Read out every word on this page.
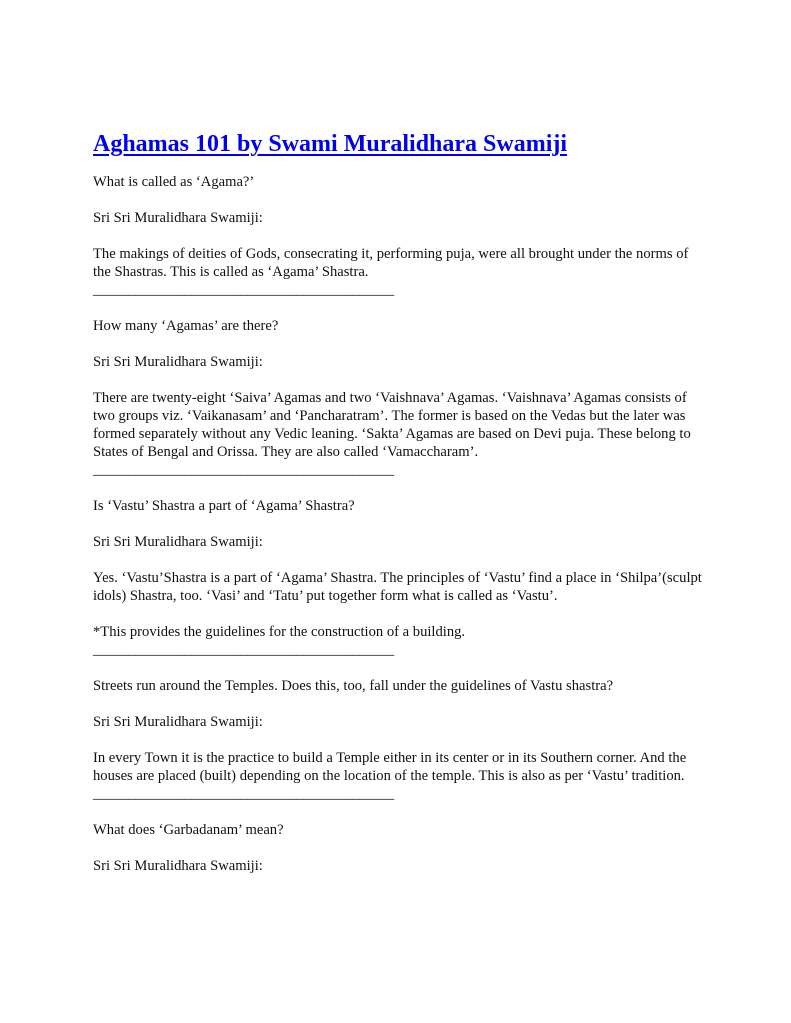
Aghamas 101 by Swami Muralidhara Swamiji

What is called as ‘Agama?’

Sri Sri Muralidhara Swamiji:

The makings of deities of Gods, consecrating it, performing puja, were all brought under the norms of the Shastras. This is called as ‘Agama’ Shastra.

___________________________________________

How many ‘Agamas’ are there?

Sri Sri Muralidhara Swamiji:

There are twenty-eight ‘Saiva’ Agamas and two ‘Vaishnava’ Agamas. ‘Vaishnava’ Agamas consists of two groups viz. ‘Vaikanasam’ and ‘Pancharatram’. The former is based on the Vedas but the later was formed separately without any Vedic leaning. ‘Sakta’ Agamas are based on Devi puja. These belong to States of Bengal and Orissa. They are also called ‘Vamaccharam’.

___________________________________________

Is ‘Vastu’ Shastra a part of ‘Agama’ Shastra?

Sri Sri Muralidhara Swamiji:

Yes. ‘Vastu’Shastra is a part of ‘Agama’ Shastra. The principles of ‘Vastu’ find a place in ‘Shilpa’(sculpt idols) Shastra, too. ‘Vasi’ and ‘Tatu’ put together form what is called as ‘Vastu’.

*This provides the guidelines for the construction of a building.

___________________________________________

Streets run around the Temples. Does this, too, fall under the guidelines of Vastu shastra?

Sri Sri Muralidhara Swamiji:

In every Town it is the practice to build a Temple either in its center or in its Southern corner. And the houses are placed (built) depending on the location of the temple. This is also as per ‘Vastu’ tradition.

___________________________________________

What does ‘Garbadanam’ mean?

Sri Sri Muralidhara Swamiji:
